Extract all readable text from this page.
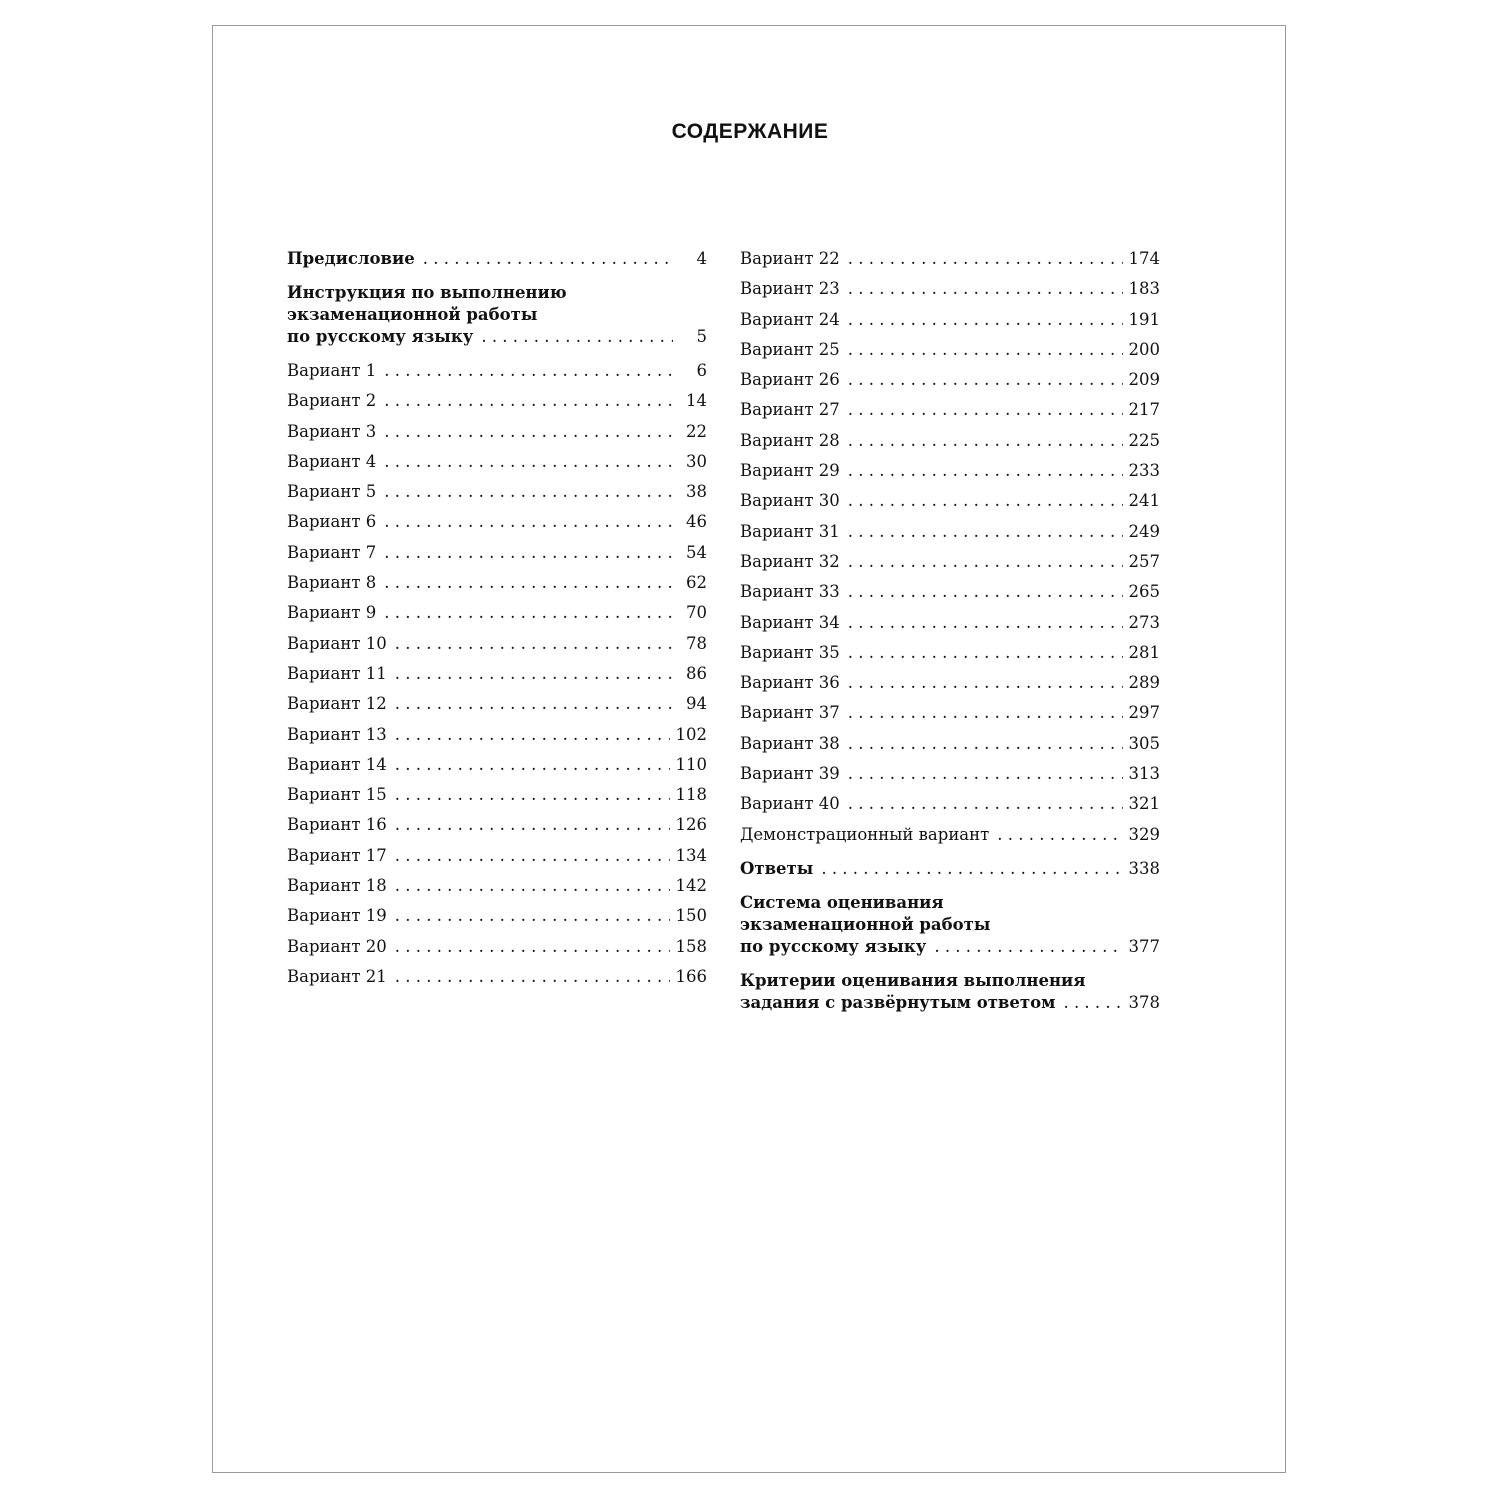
СОДЕРЖАНИЕ
Предисловие . . .	4
Инструкция по выполнению
экзаменационной работы
по русскому языку . . .	5
Вариант 1 . . .	6
Вариант 2 . . .	14
Вариант 3 . . .	22
Вариант 4 . . .	30
Вариант 5 . . .	38
Вариант 6 . . .	46
Вариант 7 . . .	54
Вариант 8 . . .	62
Вариант 9 . . .	70
Вариант 10 . . .	78
Вариант 11 . . .	86
Вариант 12 . . .	94
Вариант 13 . . .	102
Вариант 14 . . .	110
Вариант 15 . . .	118
Вариант 16 . . .	126
Вариант 17 . . .	134
Вариант 18 . . .	142
Вариант 19 . . .	150
Вариант 20 . . .	158
Вариант 21 . . .	166
Вариант 22 . . .	174
Вариант 23 . . .	183
Вариант 24 . . .	191
Вариант 25 . . .	200
Вариант 26 . . .	209
Вариант 27 . . .	217
Вариант 28 . . .	225
Вариант 29 . . .	233
Вариант 30 . . .	241
Вариант 31 . . .	249
Вариант 32 . . .	257
Вариант 33 . . .	265
Вариант 34 . . .	273
Вариант 35 . . .	281
Вариант 36 . . .	289
Вариант 37 . . .	297
Вариант 38 . . .	305
Вариант 39 . . .	313
Вариант 40 . . .	321
Демонстрационный вариант . . .	329
Ответы . . .	338
Система оценивания
экзаменационной работы
по русскому языку . . .	377
Критерии оценивания выполнения
задания с развёрнутым ответом . . .	378
